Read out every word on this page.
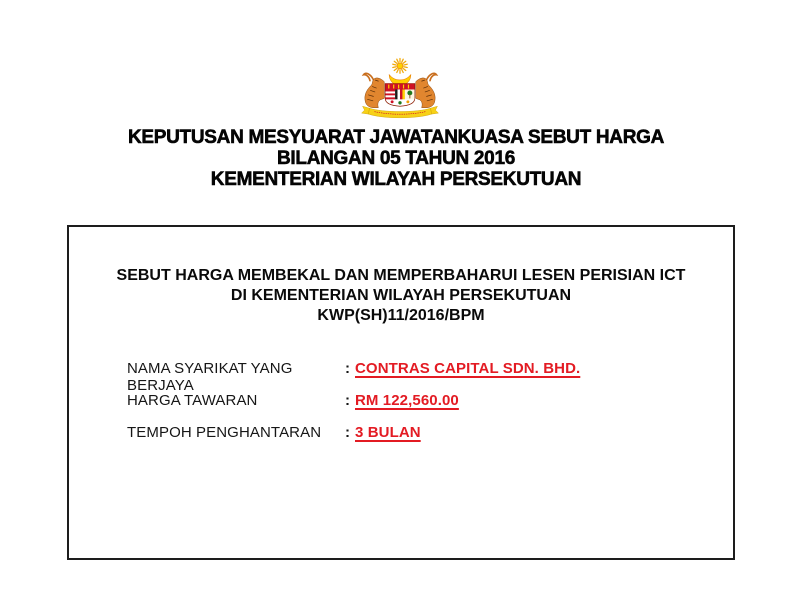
KEPUTUSAN MESYUARAT JAWATANKUASA SEBUT HARGA
BILANGAN 05 TAHUN 2016
KEMENTERIAN WILAYAH PERSEKUTUAN
SEBUT HARGA MEMBEKAL DAN MEMPERBAHARUI LESEN PERISIAN ICT
DI KEMENTERIAN WILAYAH PERSEKUTUAN
KWP(SH)11/2016/BPM
NAMA SYARIKAT YANG BERJAYA
: CONTRAS CAPITAL SDN. BHD.
HARGA TAWARAN	: RM 122,560.00
TEMPOH PENGHANTARAN	: 3 BULAN
